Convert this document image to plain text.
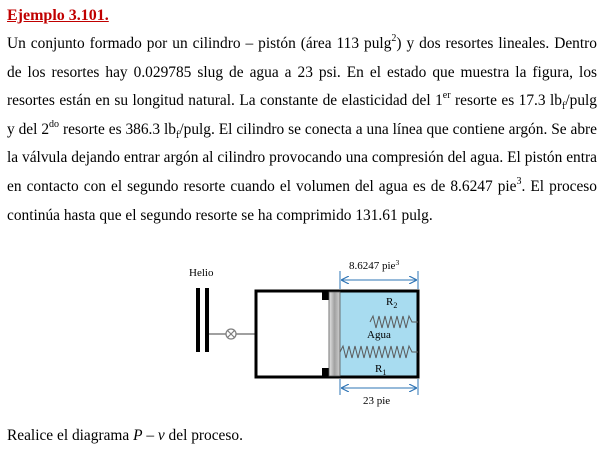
Ejemplo 3.101.
Un conjunto formado por un cilindro – pistón (área 113 pulg$^2$) y dos resortes lineales. Dentro de los resortes hay 0.029785 slug de agua a 23 psi. En el estado que muestra la figura, los resortes están en su longitud natural. La constante de elasticidad del 1er resorte es 17.3 $lb_f$/pulg y del $2^{do}$ resorte es 386.3 $lb_f$/pulg. El cilindro se conecta a una línea que contiene argón. Se abre la válvula dejando entrar argón al cilindro provocando una compresión del agua. El pistón entra en contacto con el segundo resorte cuando el volumen del agua es de 8.6247 pie$^3$. El proceso continúa hasta que el segundo resorte se ha comprimido 131.61 pulg.
Helio
$R_2$
Agua
$R_1$
8.6247 pie$^3$
23 pie
Realice el diagrama P – v del proceso.
